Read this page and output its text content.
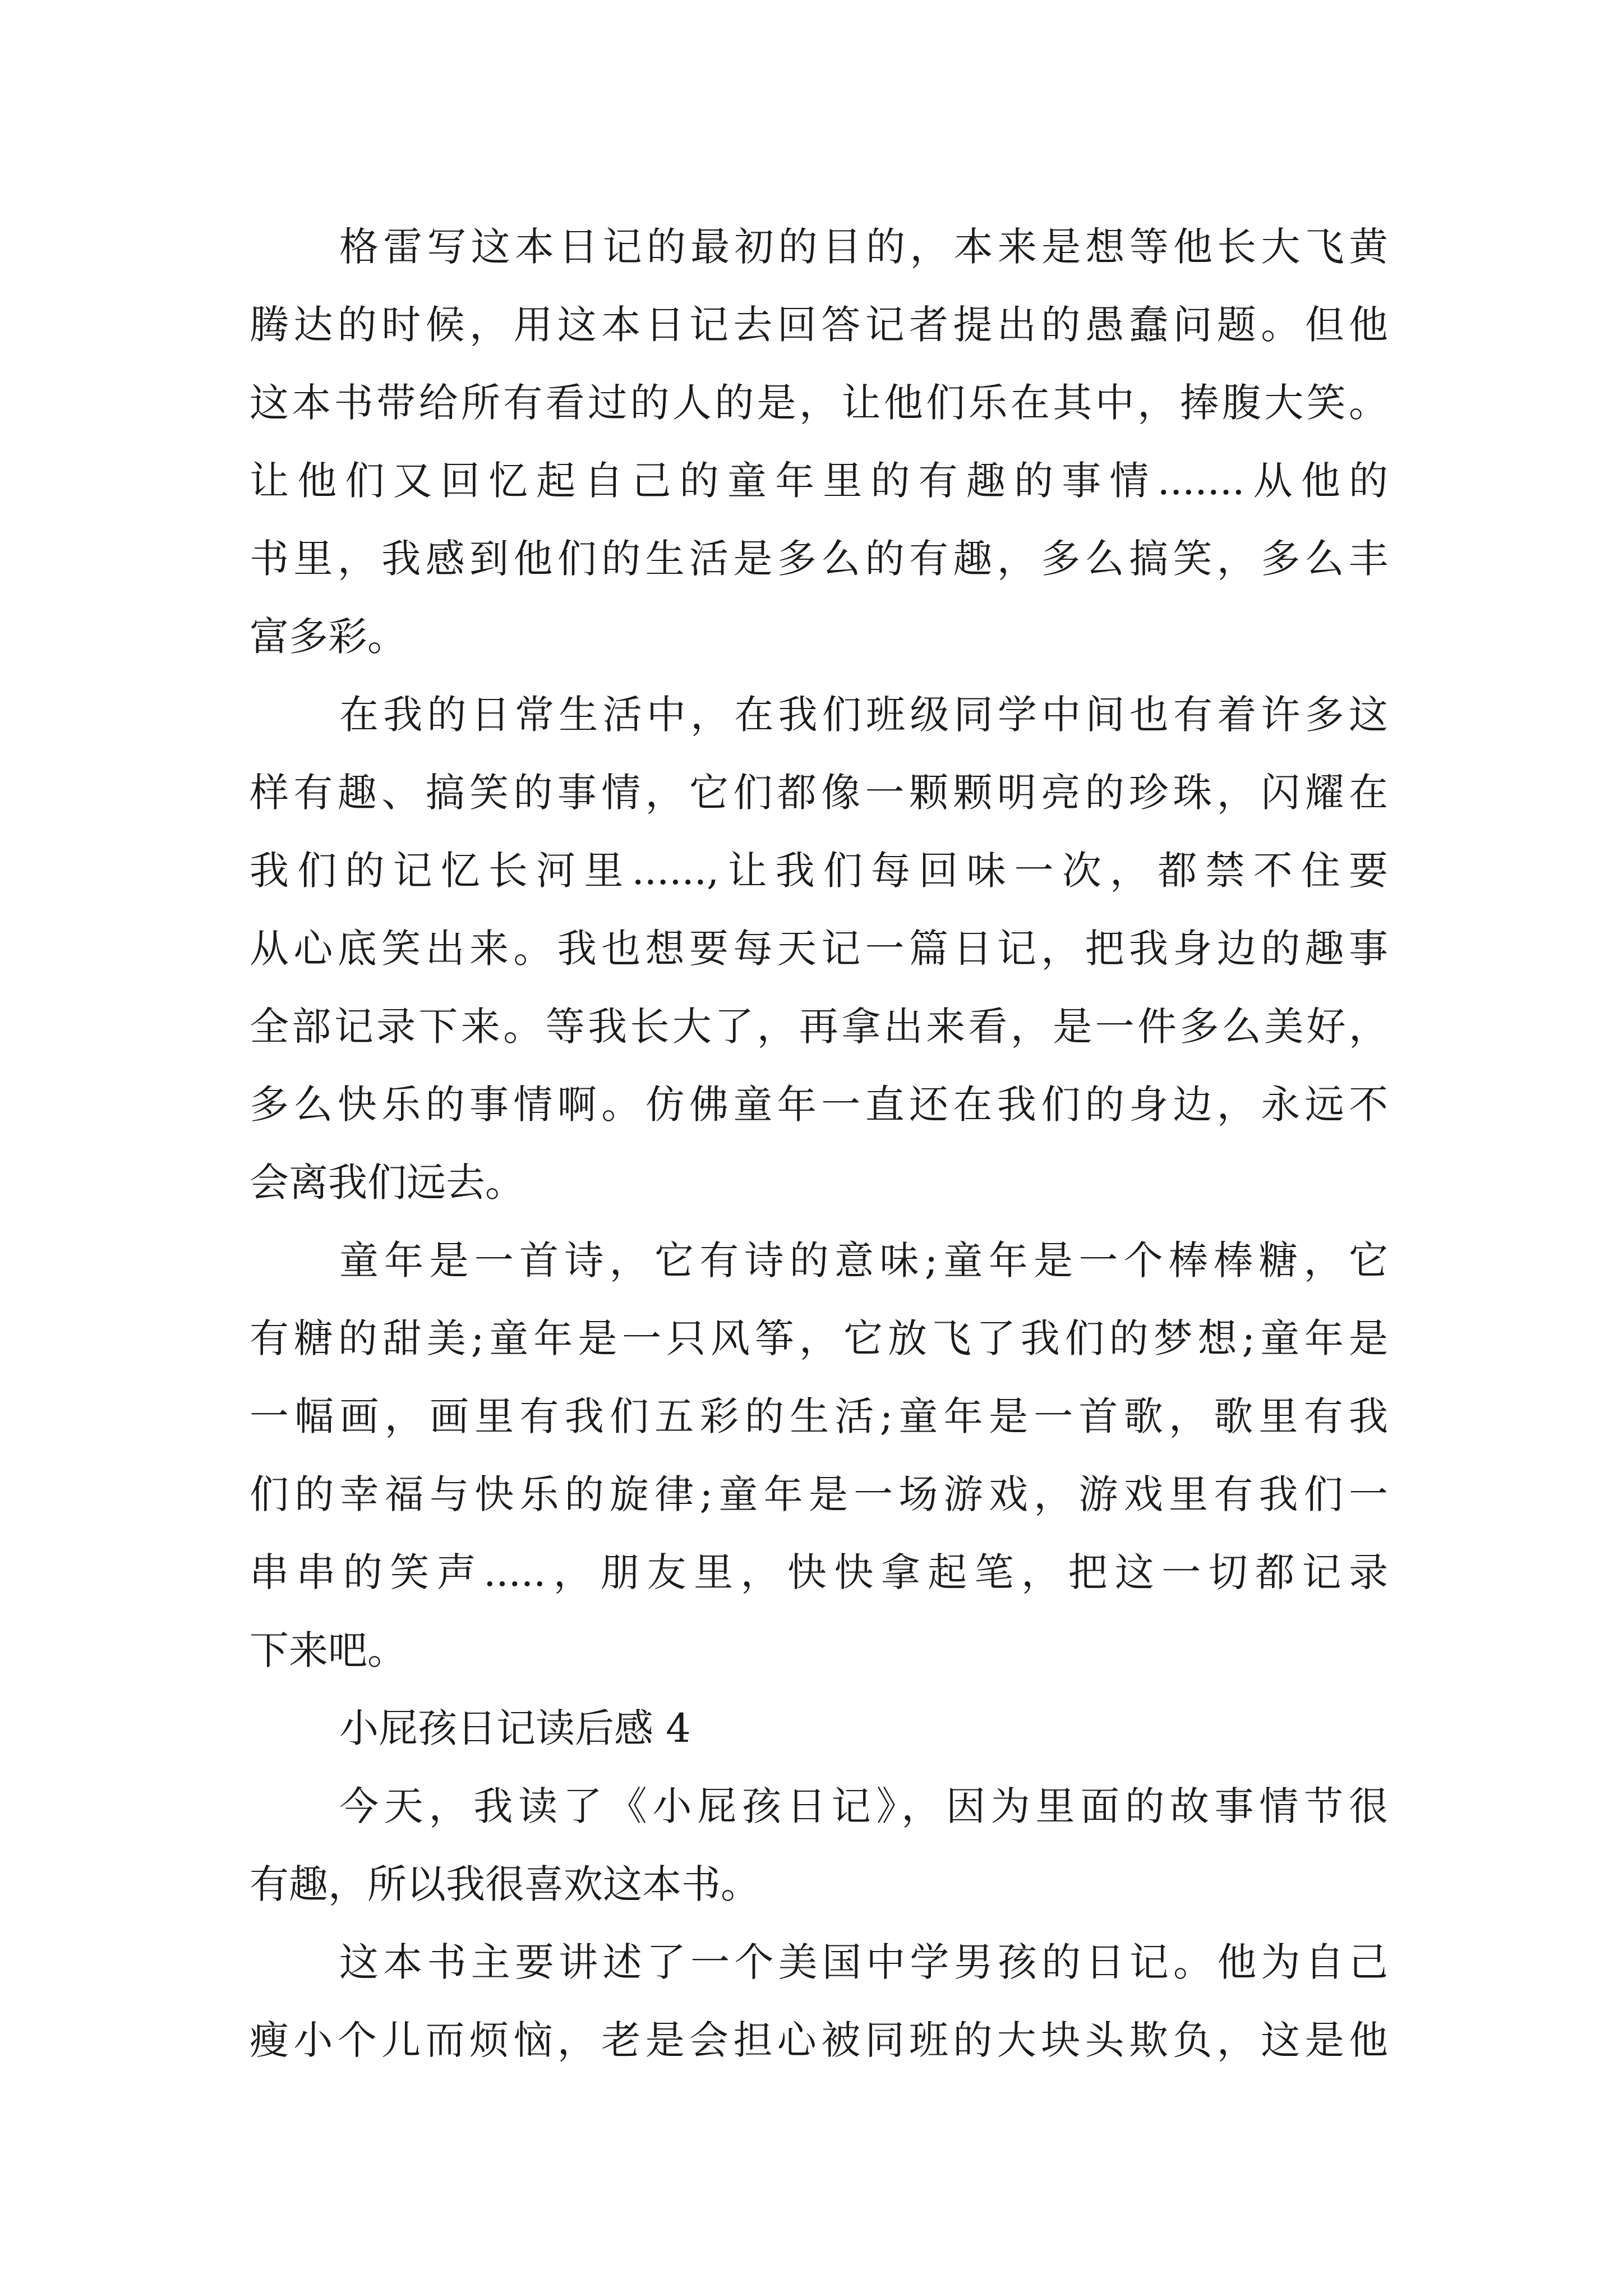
格雷写这本日记的最初的目的，本来是想等他长大飞黄
腾达的时候，用这本日记去回答记者提出的愚蠢问题。但他
这本书带给所有看过的人的是，让他们乐在其中，捧腹大笑。
让他们又回忆起自己的童年里的有趣的事情.......从他的
书里，我感到他们的生活是多么的有趣，多么搞笑，多么丰
富多彩。
在我的日常生活中，在我们班级同学中间也有着许多这
样有趣、搞笑的事情，它们都像一颗颗明亮的珍珠，闪耀在
我们的记忆长河里......,让我们每回味一次，都禁不住要
从心底笑出来。我也想要每天记一篇日记，把我身边的趣事
全部记录下来。等我长大了，再拿出来看，是一件多么美好，
多么快乐的事情啊。仿佛童年一直还在我们的身边，永远不
会离我们远去。
童年是一首诗，它有诗的意味;童年是一个棒棒糖，它
有糖的甜美;童年是一只风筝，它放飞了我们的梦想;童年是
一幅画，画里有我们五彩的生活;童年是一首歌，歌里有我
们的幸福与快乐的旋律;童年是一场游戏，游戏里有我们一
串串的笑声.....，朋友里，快快拿起笔，把这一切都记录
下来吧。
小屁孩日记读后感 4
今天，我读了《小屁孩日记》，因为里面的故事情节很
有趣，所以我很喜欢这本书。
这本书主要讲述了一个美国中学男孩的日记。他为自己
瘦小个儿而烦恼，老是会担心被同班的大块头欺负，这是他
